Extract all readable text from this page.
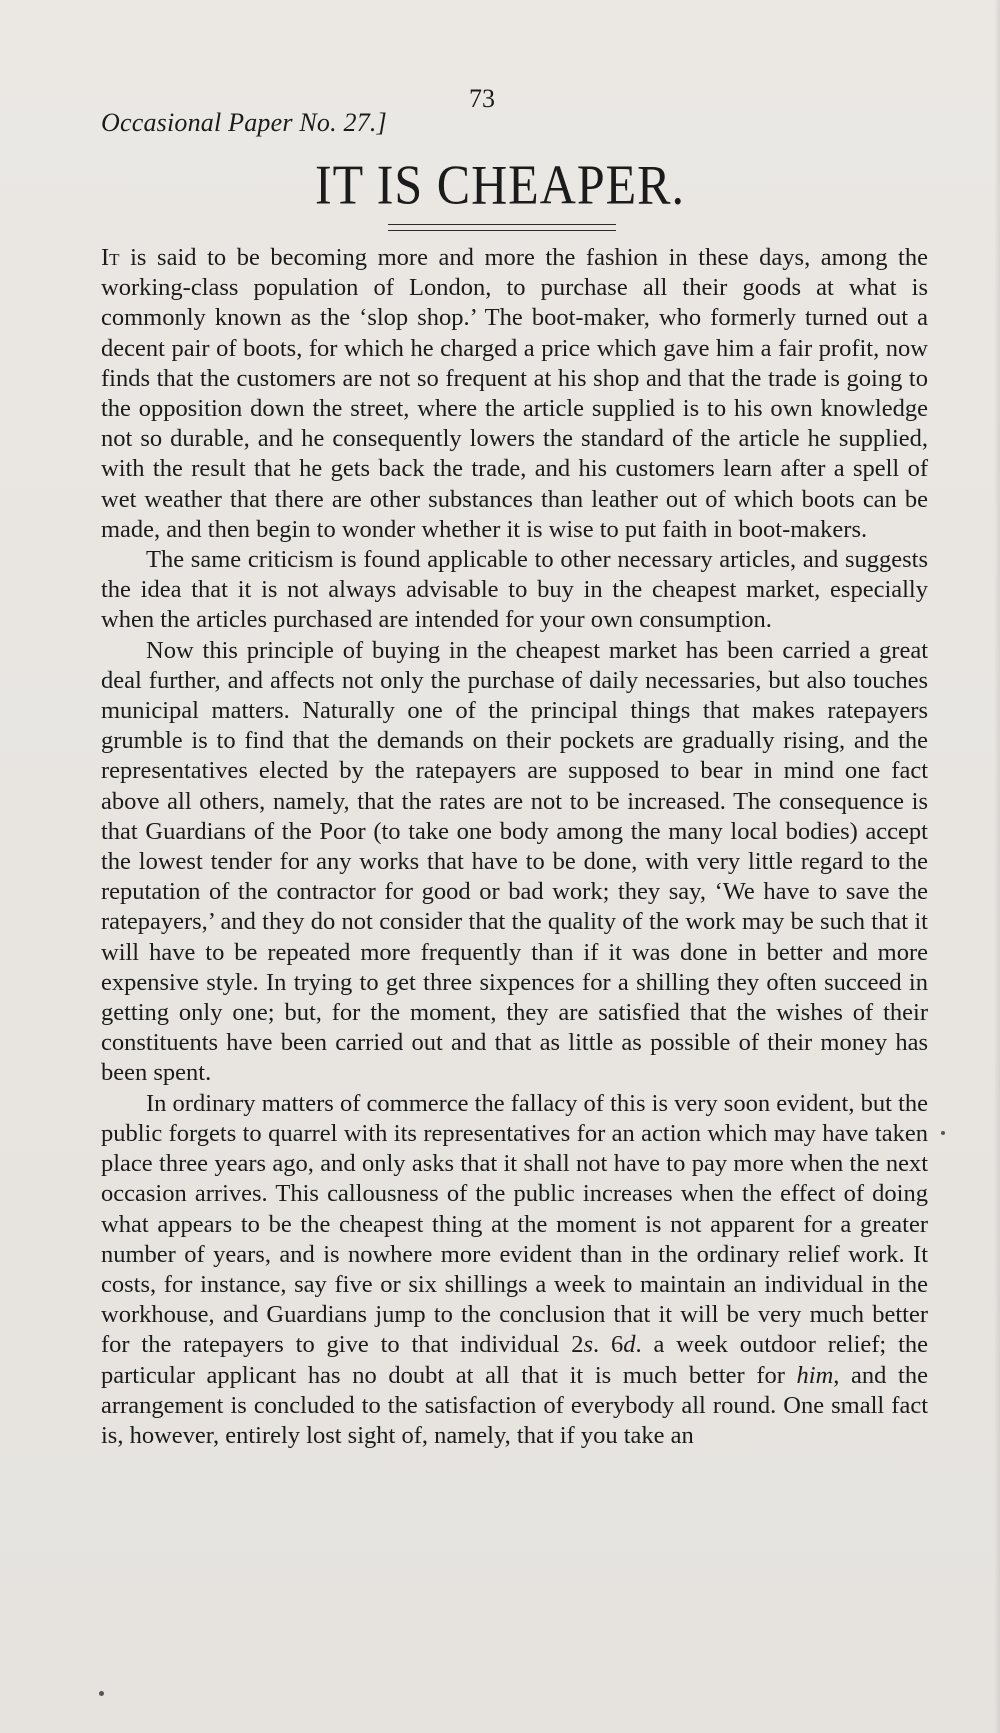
73
Occasional Paper No. 27.]
IT IS CHEAPER.

It is said to be becoming more and more the fashion in these days, among the working-class population of London, to purchase all their goods at what is commonly known as the ‘slop shop.’ The boot-maker, who formerly turned out a decent pair of boots, for which he charged a price which gave him a fair profit, now finds that the customers are not so frequent at his shop and that the trade is going to the opposition down the street, where the article supplied is to his own knowledge not so durable, and he consequently lowers the standard of the article he supplied, with the result that he gets back the trade, and his customers learn after a spell of wet weather that there are other substances than leather out of which boots can be made, and then begin to wonder whether it is wise to put faith in boot-makers.

The same criticism is found applicable to other necessary articles, and suggests the idea that it is not always advisable to buy in the cheapest market, especially when the articles purchased are intended for your own consumption.

Now this principle of buying in the cheapest market has been carried a great deal further, and affects not only the purchase of daily necessaries, but also touches municipal matters. Naturally one of the principal things that makes ratepayers grumble is to find that the demands on their pockets are gradually rising, and the representatives elected by the ratepayers are supposed to bear in mind one fact above all others, namely, that the rates are not to be increased. The consequence is that Guardians of the Poor (to take one body among the many local bodies) accept the lowest tender for any works that have to be done, with very little regard to the reputation of the contractor for good or bad work; they say, ‘We have to save the ratepayers,’ and they do not consider that the quality of the work may be such that it will have to be repeated more frequently than if it was done in better and more expensive style. In trying to get three sixpences for a shilling they often succeed in getting only one; but, for the moment, they are satisfied that the wishes of their constituents have been carried out and that as little as possible of their money has been spent.

In ordinary matters of commerce the fallacy of this is very soon evident, but the public forgets to quarrel with its representatives for an action which may have taken place three years ago, and only asks that it shall not have to pay more when the next occasion arrives. This callousness of the public increases when the effect of doing what appears to be the cheapest thing at the moment is not apparent for a greater number of years, and is nowhere more evident than in the ordinary relief work. It costs, for instance, say five or six shillings a week to maintain an individual in the workhouse, and Guardians jump to the conclusion that it will be very much better for the ratepayers to give to that individual 2s. 6d. a week outdoor relief; the particular applicant has no doubt at all that it is much better for him, and the arrangement is concluded to the satisfaction of everybody all round. One small fact is, however, entirely lost sight of, namely, that if you take an
